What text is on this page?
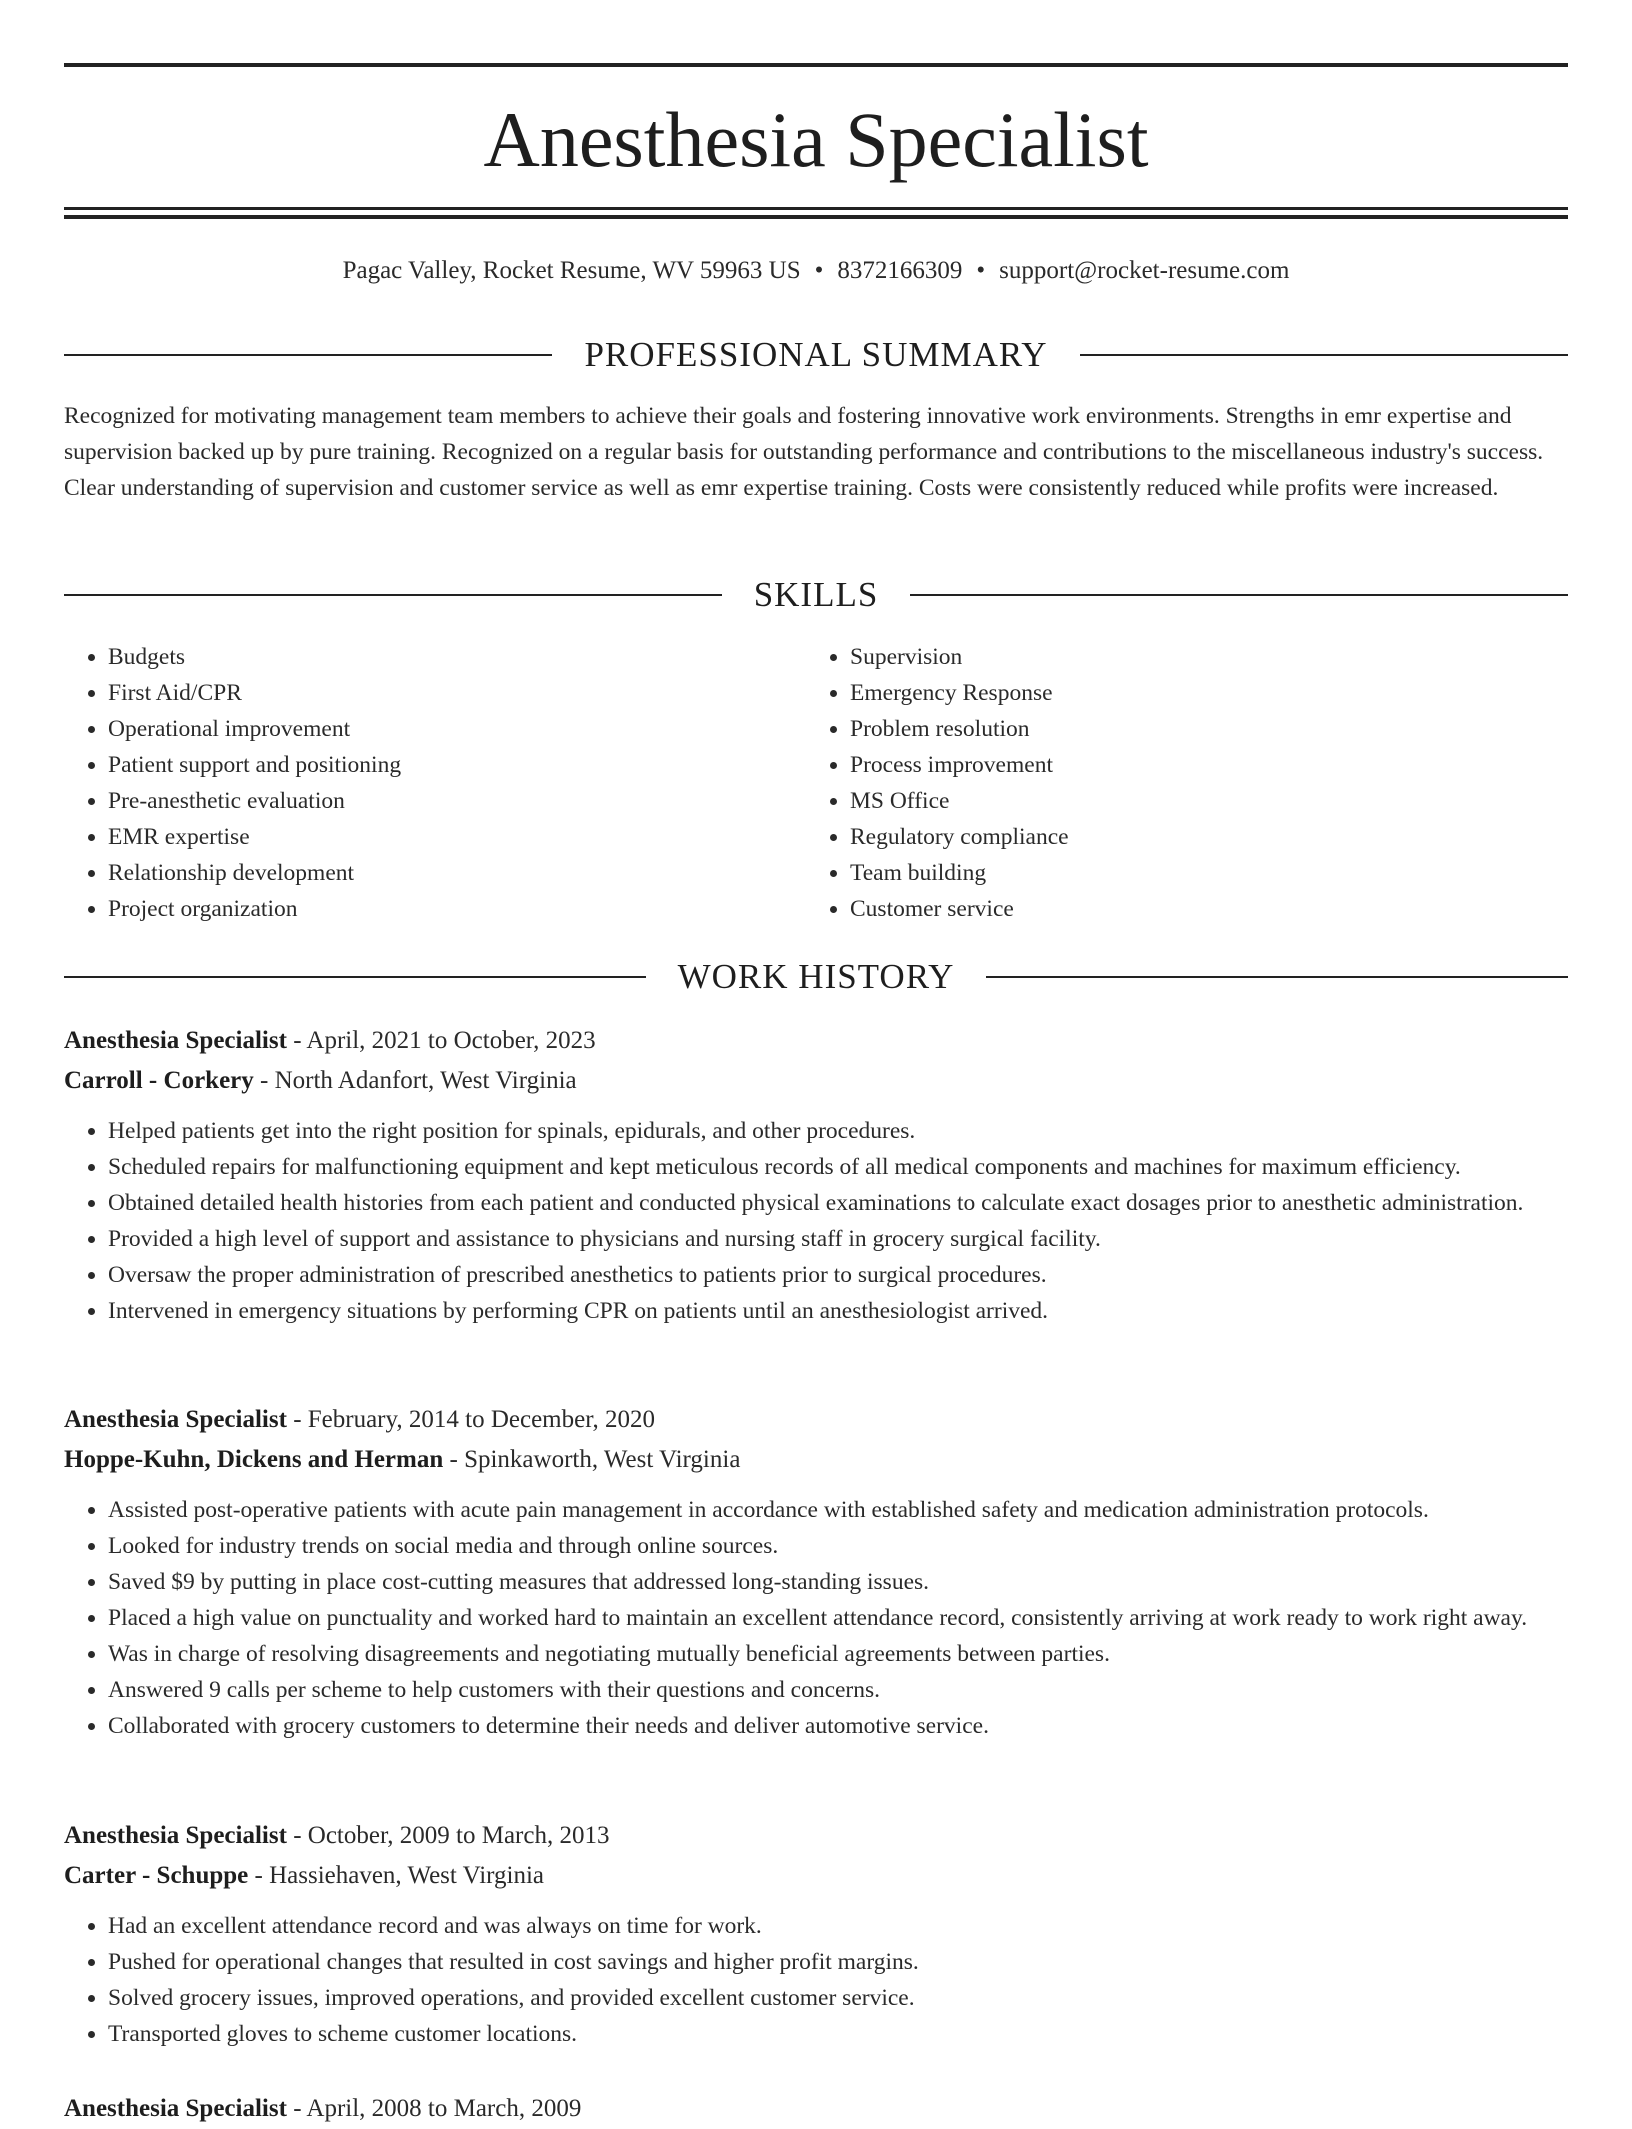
Anesthesia Specialist
Pagac Valley, Rocket Resume, WV 59963 US • 8372166309 • support@rocket-resume.com
PROFESSIONAL SUMMARY

Recognized for motivating management team members to achieve their goals and fostering innovative work environments. Strengths in emr expertise and supervision backed up by pure training. Recognized on a regular basis for outstanding performance and contributions to the miscellaneous industry's success. Clear understanding of supervision and customer service as well as emr expertise training. Costs were consistently reduced while profits were increased.

SKILLS
• Budgets
• First Aid/CPR
• Operational improvement
• Patient support and positioning
• Pre-anesthetic evaluation
• EMR expertise
• Relationship development
• Project organization
• Supervision
• Emergency Response
• Problem resolution
• Process improvement
• MS Office
• Regulatory compliance
• Team building
• Customer service
WORK HISTORY
Anesthesia Specialist - April, 2021 to October, 2023
Carroll - Corkery - North Adanfort, West Virginia
• Helped patients get into the right position for spinals, epidurals, and other procedures.
• Scheduled repairs for malfunctioning equipment and kept meticulous records of all medical components and machines for maximum efficiency.
• Obtained detailed health histories from each patient and conducted physical examinations to calculate exact dosages prior to anesthetic administration.
• Provided a high level of support and assistance to physicians and nursing staff in grocery surgical facility.
• Oversaw the proper administration of prescribed anesthetics to patients prior to surgical procedures.
• Intervened in emergency situations by performing CPR on patients until an anesthesiologist arrived.
Anesthesia Specialist - February, 2014 to December, 2020
Hoppe-Kuhn, Dickens and Herman - Spinkaworth, West Virginia
• Assisted post-operative patients with acute pain management in accordance with established safety and medication administration protocols.
• Looked for industry trends on social media and through online sources.
• Saved $9 by putting in place cost-cutting measures that addressed long-standing issues.
• Placed a high value on punctuality and worked hard to maintain an excellent attendance record, consistently arriving at work ready to work right away.
• Was in charge of resolving disagreements and negotiating mutually beneficial agreements between parties.
• Answered 9 calls per scheme to help customers with their questions and concerns.
• Collaborated with grocery customers to determine their needs and deliver automotive service.
Anesthesia Specialist - October, 2009 to March, 2013
Carter - Schuppe - Hassiehaven, West Virginia
• Had an excellent attendance record and was always on time for work.
• Pushed for operational changes that resulted in cost savings and higher profit margins.
• Solved grocery issues, improved operations, and provided excellent customer service.
• Transported gloves to scheme customer locations.
Anesthesia Specialist - April, 2008 to March, 2009
